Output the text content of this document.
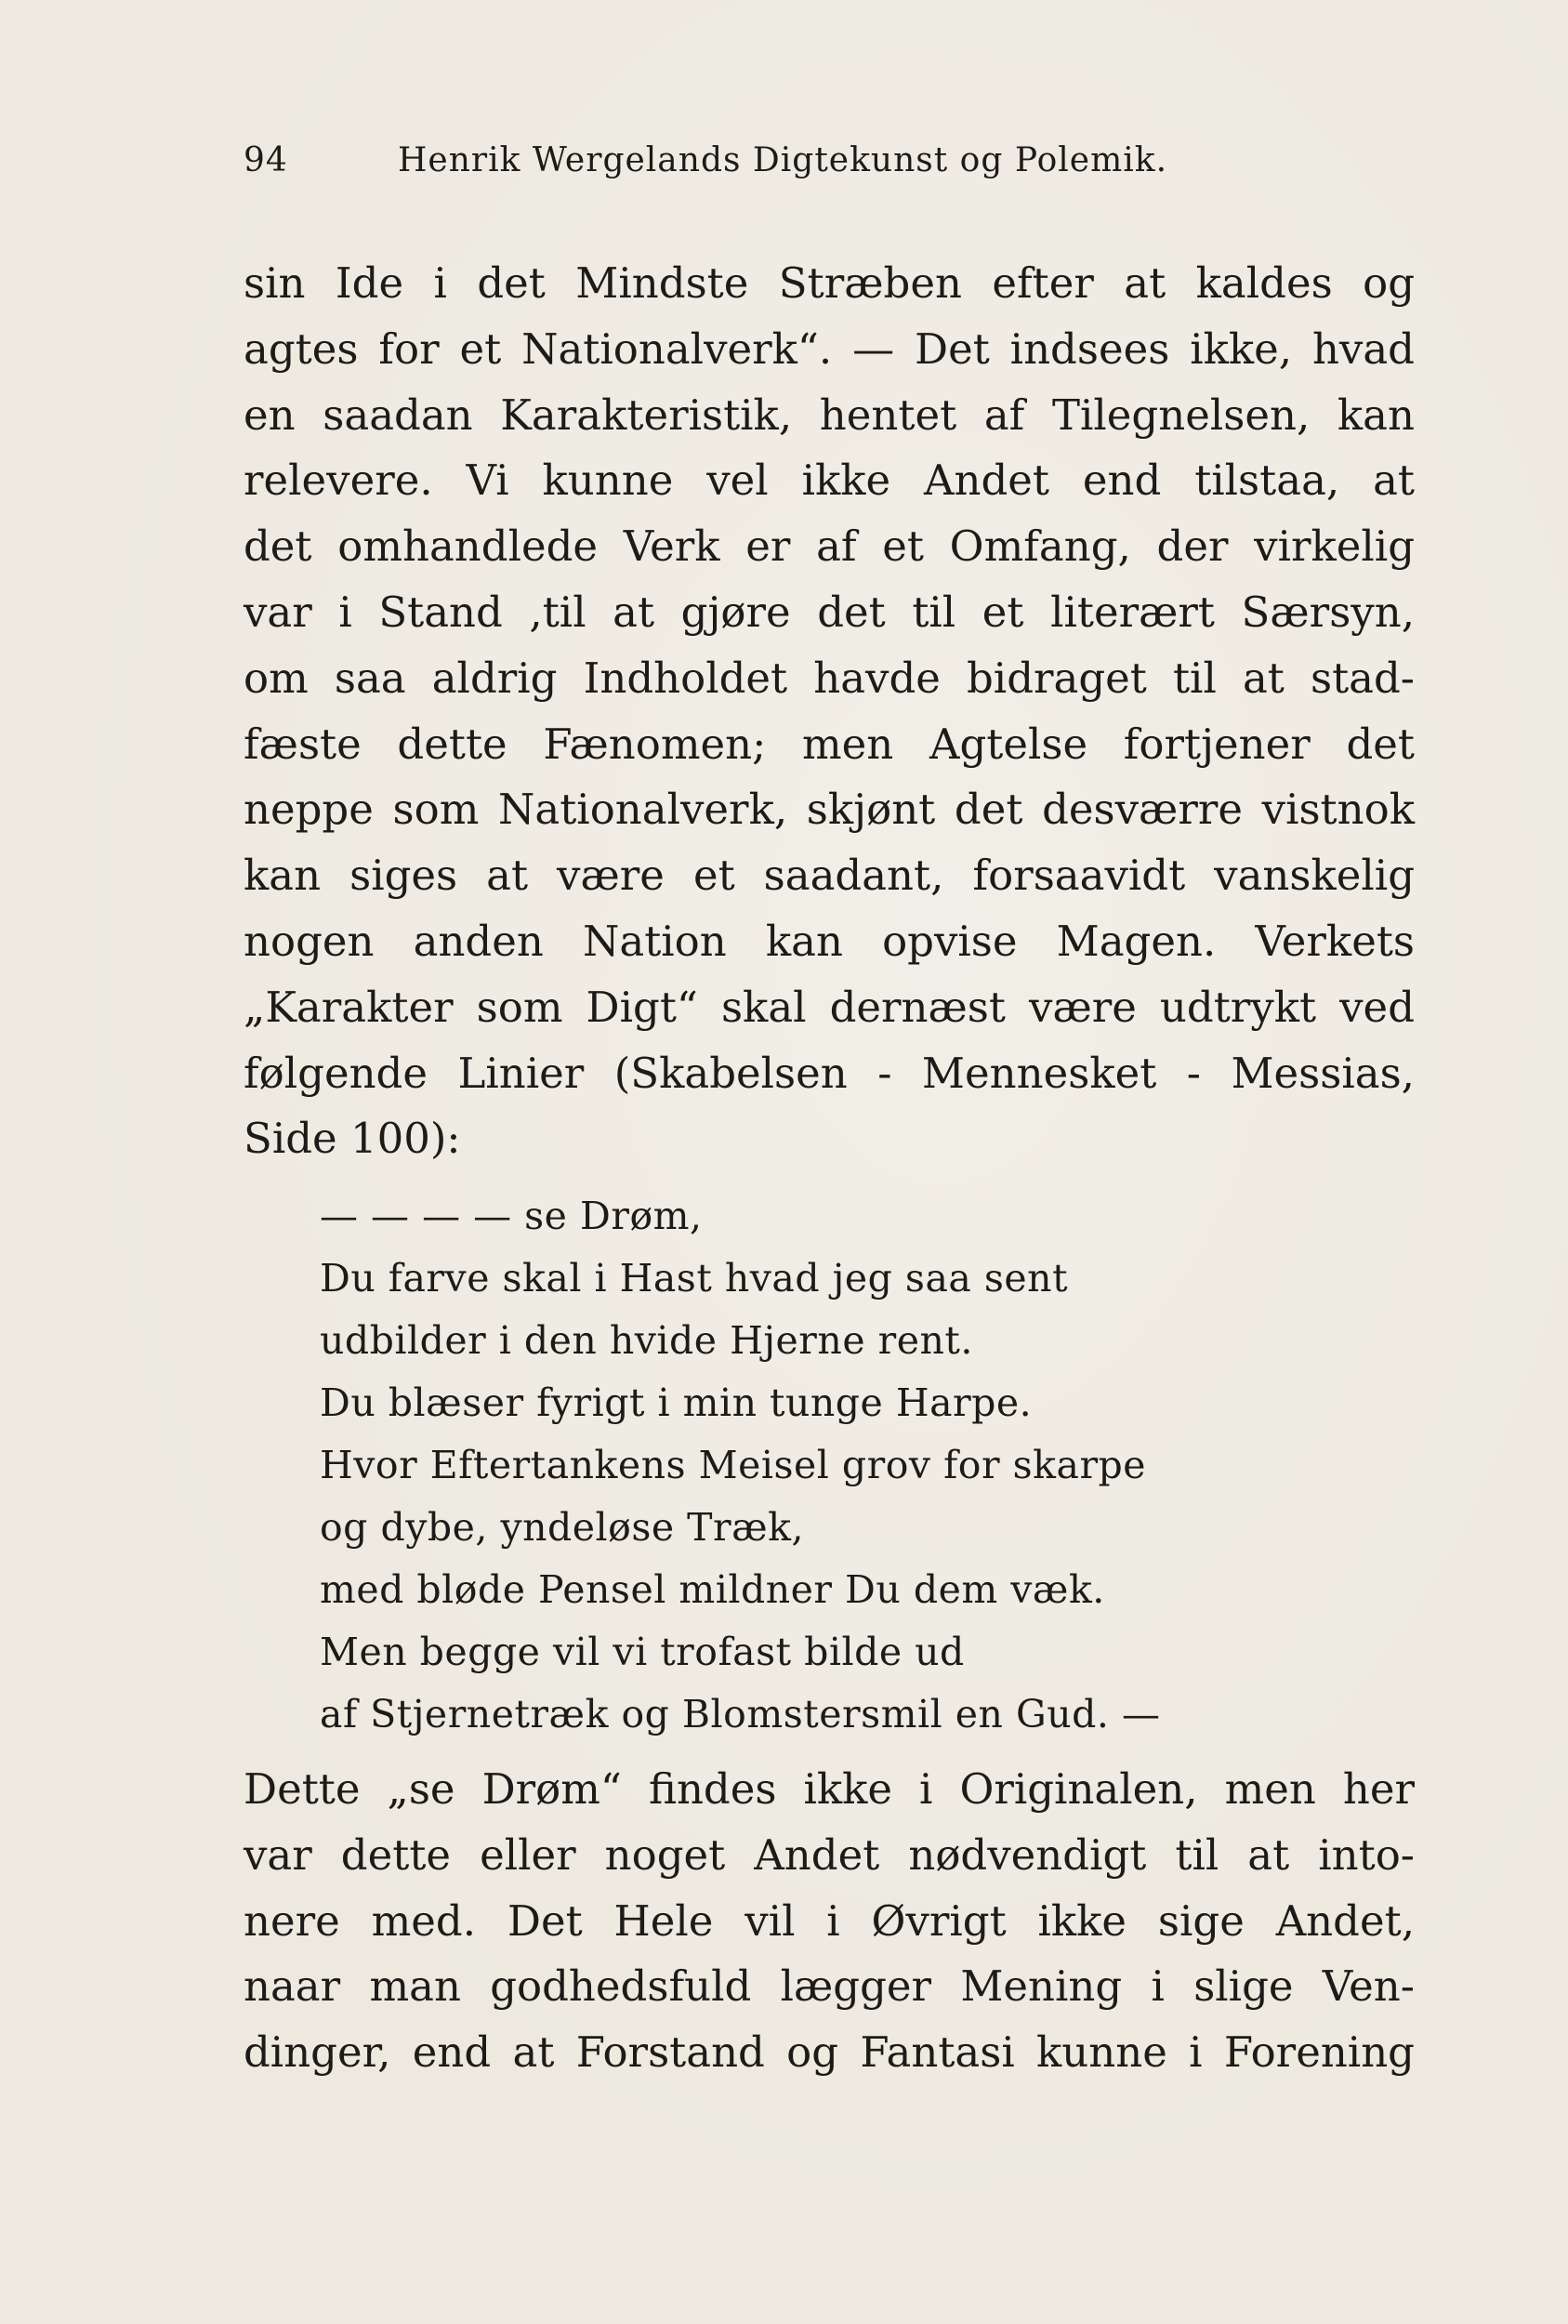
94	Henrik Wergelands Digtekunst og Polemik.
sin Ide i det Mindste Stræben efter at kaldes og
agtes for et Nationalverk“. — Det indsees ikke, hvad
en saadan Karakteristik, hentet af Tilegnelsen, kan
relevere. Vi kunne vel ikke Andet end tilstaa, at
det omhandlede Verk er af et Omfang, der virkelig
var i Stand ,til at gjøre det til et literært Særsyn,
om saa aldrig Indholdet havde bidraget til at stad-
fæste dette Fænomen; men Agtelse fortjener det
neppe som Nationalverk, skjønt det desværre vistnok
kan siges at være et saadant, forsaavidt vanskelig
nogen anden Nation kan opvise Magen. Verkets
„Karakter som Digt“ skal dernæst være udtrykt ved
følgende Linier (Skabelsen - Mennesket - Messias,
Side 100):
— — — — se Drøm,
Du farve skal i Hast hvad jeg saa sent
udbilder i den hvide Hjerne rent.
Du blæser fyrigt i min tunge Harpe.
Hvor Eftertankens Meisel grov for skarpe
og dybe, yndeløse Træk,
med bløde Pensel mildner Du dem væk.
Men begge vil vi trofast bilde ud
af Stjernetræk og Blomstersmil en Gud. —
Dette „se Drøm“ findes ikke i Originalen, men her
var dette eller noget Andet nødvendigt til at into-
nere med. Det Hele vil i Øvrigt ikke sige Andet,
naar man godhedsfuld lægger Mening i slige Ven-
dinger, end at Forstand og Fantasi kunne i Forening
